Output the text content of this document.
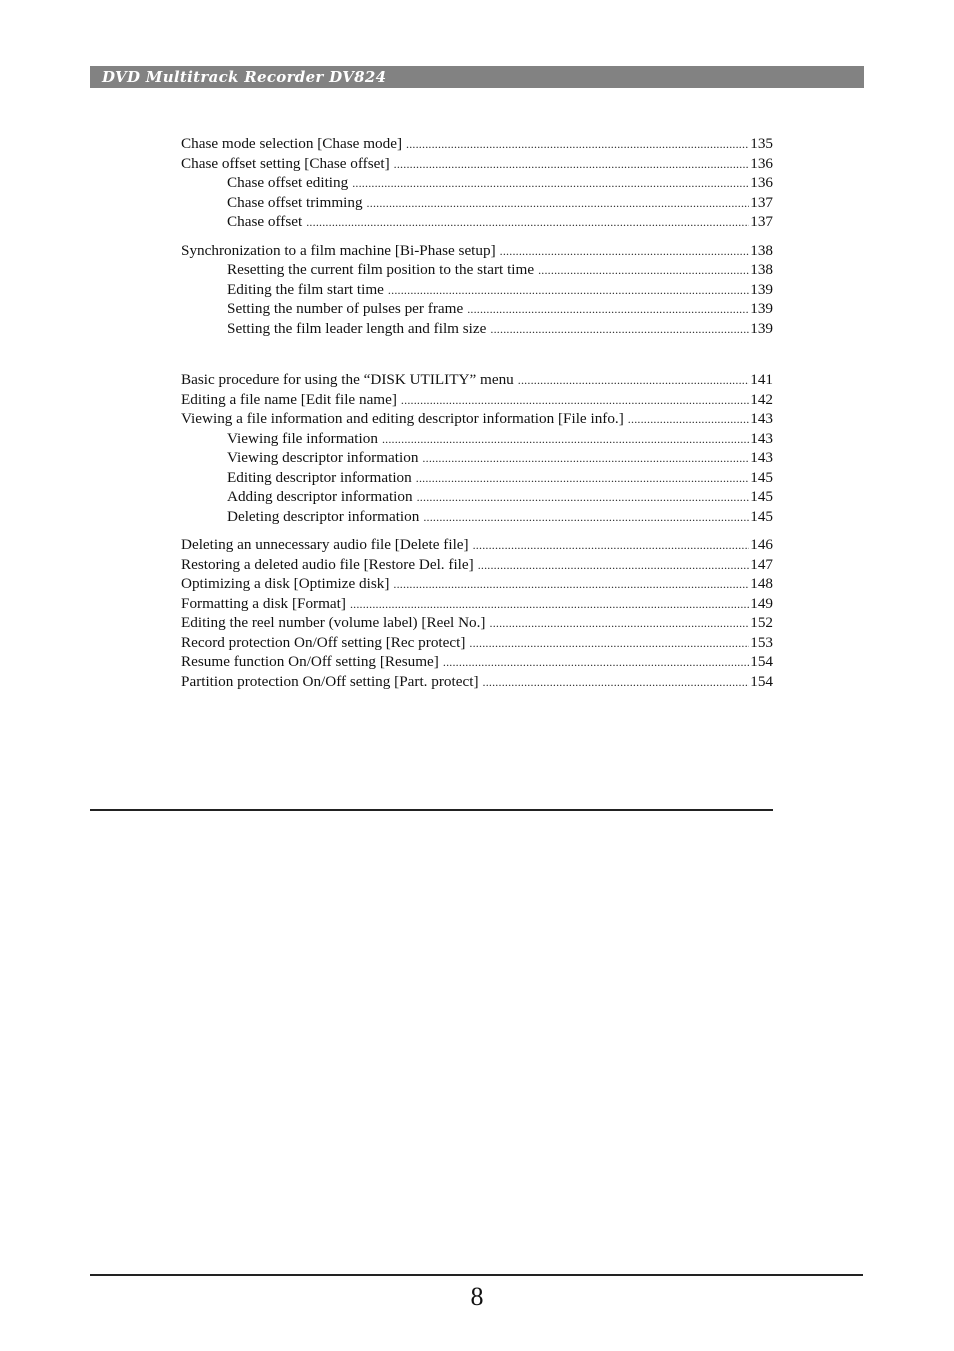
DVD Multitrack Recorder DV824
Chase mode selection [Chase mode] .....	135
Chase offset setting [Chase offset] .....	136
Chase offset editing .....	136
Chase offset trimming .....	137
Chase offset .....	137
Synchronization to a film machine [Bi-Phase setup] .....	138
Resetting the current film position to the start time .....	138
Editing the film start time .....	139
Setting the number of pulses per frame .....	139
Setting the film leader length and film size .....	139
Basic procedure for using the “DISK UTILITY” menu .....	141
Editing a file name [Edit file name] .....	142
Viewing a file information and editing descriptor information [File info.] .....	143
Viewing file information .....	143
Viewing descriptor information .....	143
Editing descriptor information .....	145
Adding descriptor information .....	145
Deleting descriptor information .....	145
Deleting an unnecessary audio file [Delete file] .....	146
Restoring a deleted audio file [Restore Del. file] .....	147
Optimizing a disk [Optimize disk] .....	148
Formatting a disk [Format] .....	149
Editing the reel number (volume label) [Reel No.] .....	152
Record protection On/Off setting [Rec protect] .....	153
Resume function On/Off setting [Resume] .....	154
Partition protection On/Off setting [Part. protect] .....	154
8
